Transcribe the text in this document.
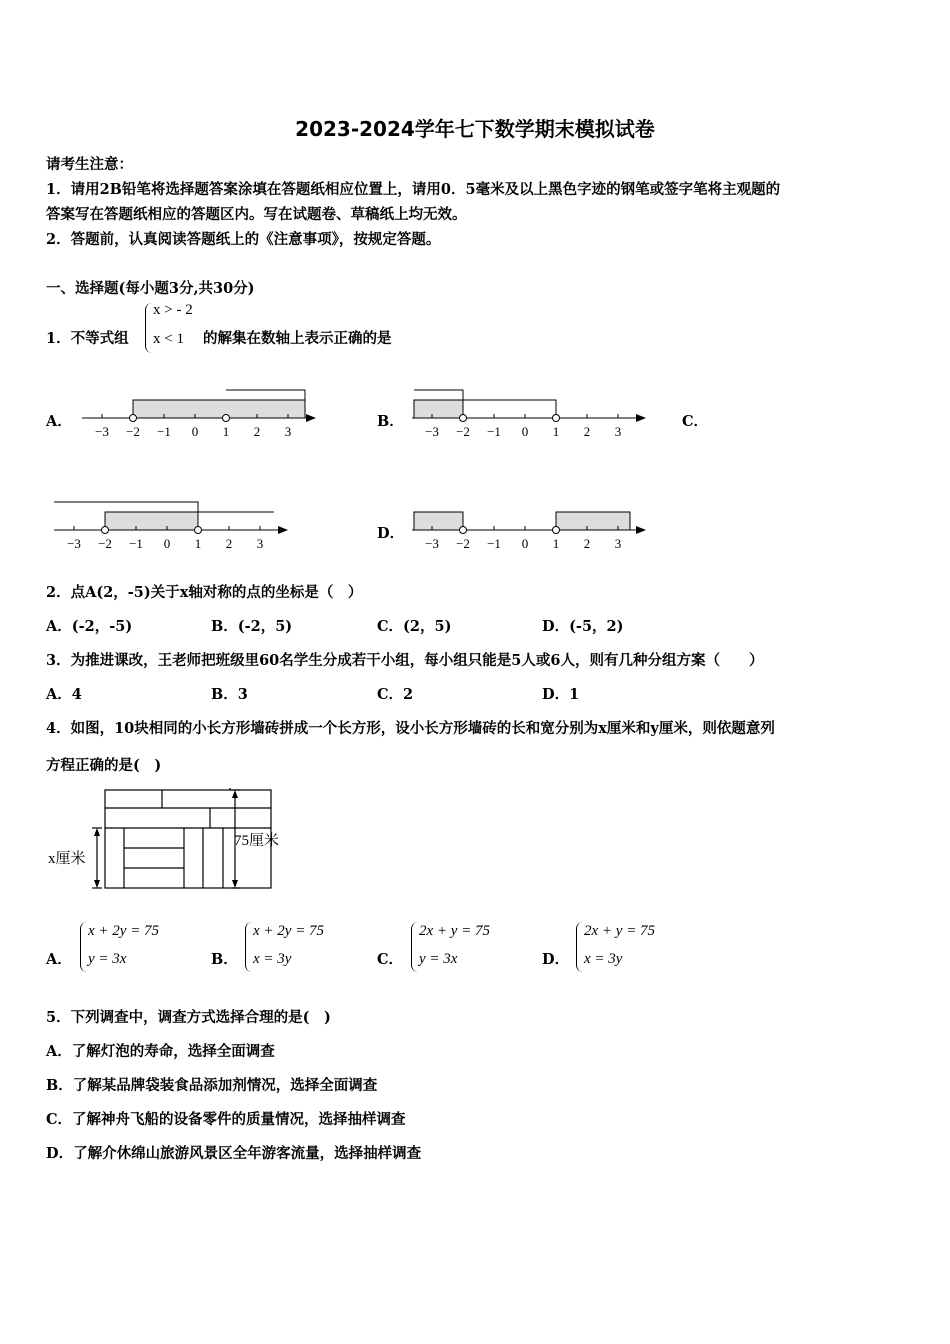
2023-2024学年七下数学期末模拟试卷
请考生注意：
1．请用2B铅笔将选择题答案涂填在答题纸相应位置上，请用0．5毫米及以上黑色字迹的钢笔或签字笔将主观题的
答案写在答题纸相应的答题区内。写在试题卷、草稿纸上均无效。
2．答题前，认真阅读答题纸上的《注意事项》，按规定答题。
一、选择题(每小题3分,共30分)
1．不等式组
x > - 2
x < 1 的解集在数轴上表示正确的是
A．	B．	C．
D．
−3 −2 −1 0 1 2 3	−3 −2 −1 0 1 2 3
−3 −2 −1 0 1 2 3	−3 −2 −1 0 1 2 3
2．点A(2，-5)关于x轴对称的点的坐标是（　）
A．(-2，-5)	B．(-2，5)	C．(2，5)	D．(-5，2)
3．为推进课改，王老师把班级里60名学生分成若干小组，每小组只能是5人或6人，则有几种分组方案（　　）
A．4	B．3	C．2	D．1
4．如图，10块相同的小长方形墙砖拼成一个长方形，设小长方形墙砖的长和宽分别为x厘米和y厘米，则依题意列
方程正确的是(　)
x厘米
75厘米
A．
x + 2y = 75
y = 3x	B．
x + 2y = 75
x = 3y	C．
2x + y = 75
y = 3x	D．
2x + y = 75
x = 3y
5．下列调查中，调查方式选择合理的是(　)
A．了解灯泡的寿命，选择全面调查
B．了解某品牌袋装食品添加剂情况，选择全面调查
C．了解神舟飞船的设备零件的质量情况，选择抽样调查
D．了解介休绵山旅游风景区全年游客流量，选择抽样调查
